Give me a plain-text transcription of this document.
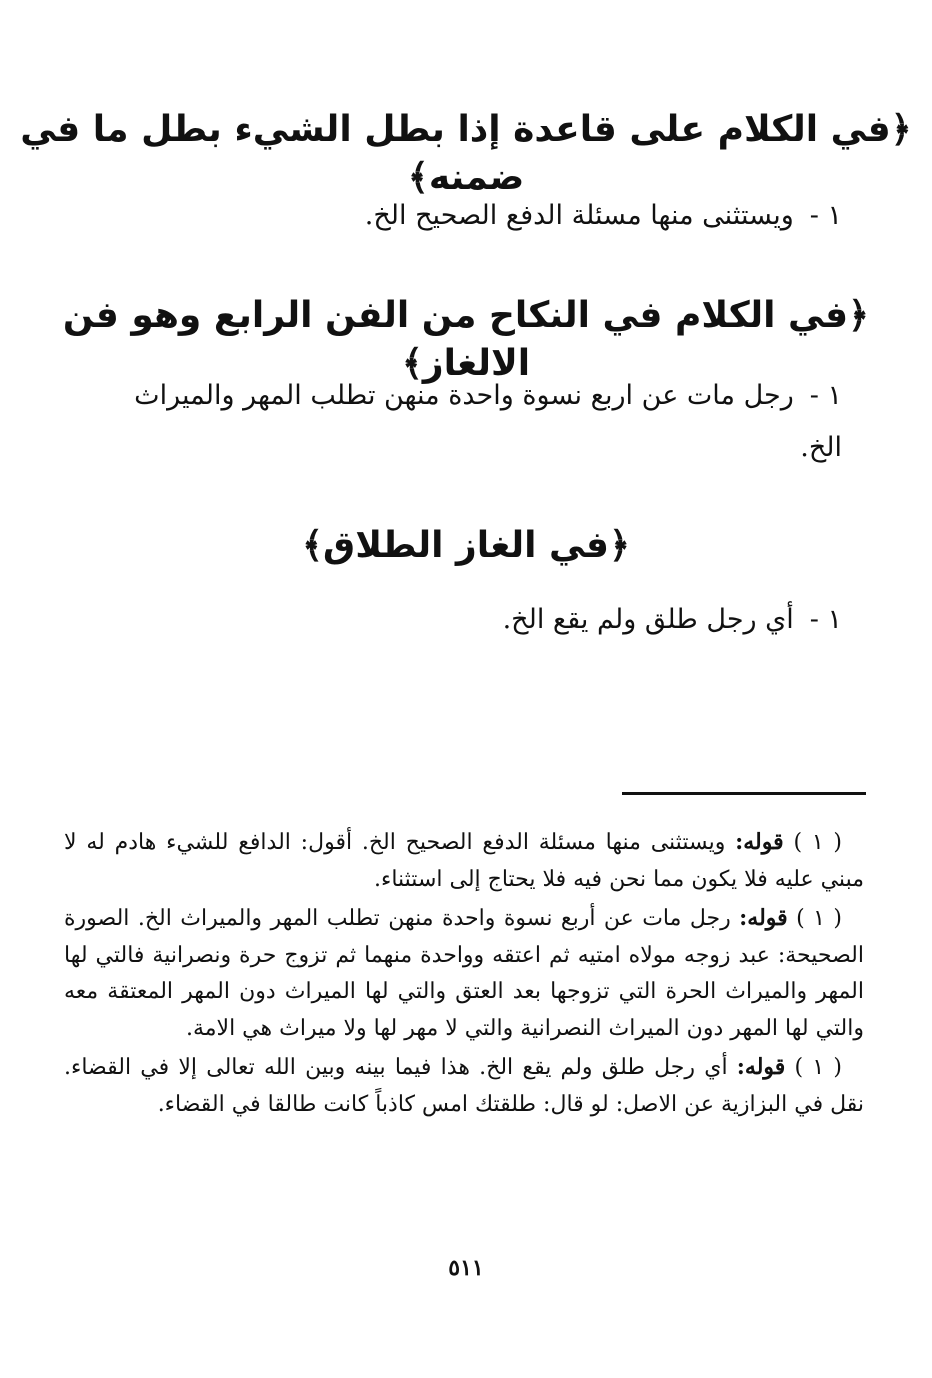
﴿في الكلام على قاعدة إذا بطل الشيء بطل ما في ضمنه﴾
١ -ويستثنى منها مسئلة الدفع الصحيح الخ.
﴿في الكلام في النكاح من الفن الرابع وهو فن الالغاز﴾
١ -رجل مات عن اربع نسوة واحدة منهن تطلب المهر والميراث الخ.
﴿في الغاز الطلاق﴾
١ -أي رجل طلق ولم يقع الخ.

( ١ ) قوله: ويستثنى منها مسئلة الدفع الصحيح الخ. أقول: الدافع للشيء هادم له لا مبني عليه فلا يكون مما نحن فيه فلا يحتاج إلى استثناء.

( ١ ) قوله: رجل مات عن أربع نسوة واحدة منهن تطلب المهر والميراث الخ. الصورة الصحيحة: عبد زوجه مولاه امتيه ثم اعتقه وواحدة منهما ثم تزوج حرة ونصرانية فالتي لها المهر والميراث الحرة التي تزوجها بعد العتق والتي لها الميراث دون المهر المعتقة معه والتي لها المهر دون الميراث النصرانية والتي لا مهر لها ولا ميراث هي الامة.

( ١ ) قوله: أي رجل طلق ولم يقع الخ. هذا فيما بينه وبين الله تعالى إلا في القضاء. نقل في البزازية عن الاصل: لو قال: طلقتك امس كاذباً كانت طالقا في القضاء.

٥١١
